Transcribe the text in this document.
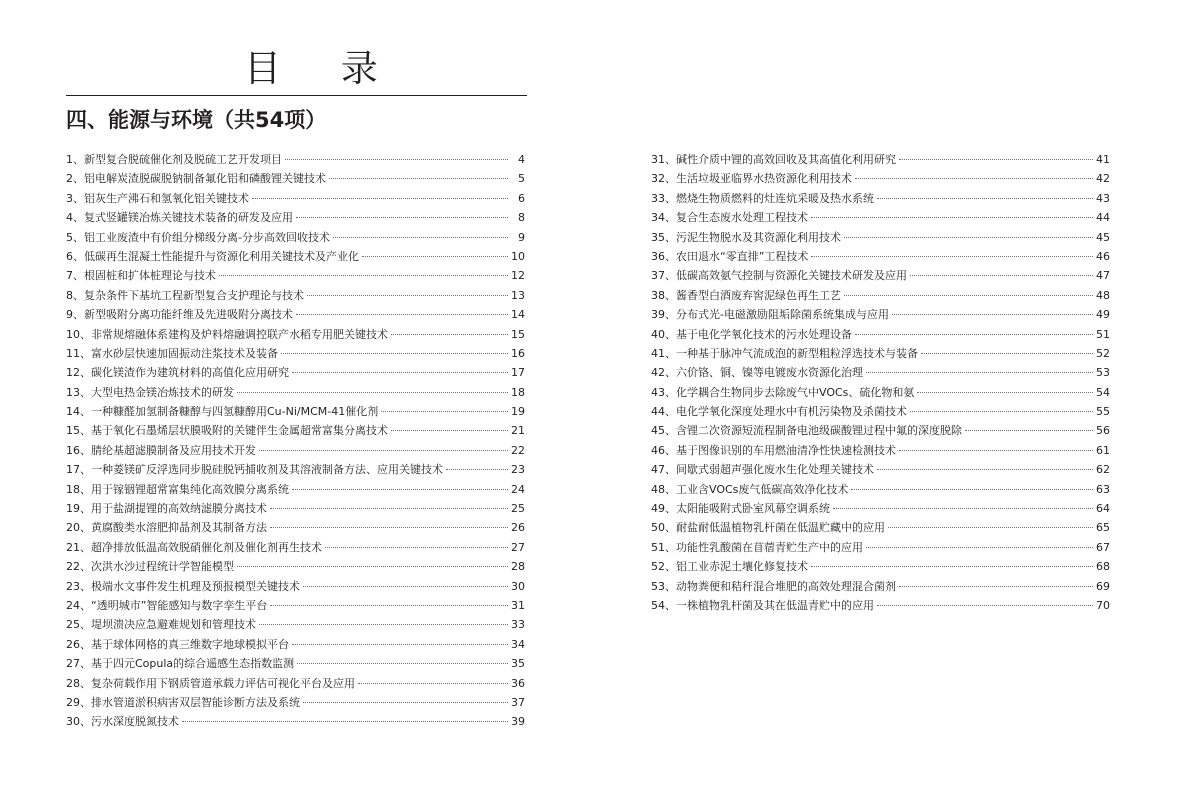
目 录
四、能源与环境（共54项）
1、新型复合脱硫催化剂及脱硫工艺开发项目	4
2、铝电解炭渣脱碳脱钠制备氟化铝和磷酸锂关键技术	5
3、铝灰生产沸石和氢氧化铝关键技术	6
4、复式竖罐镁冶炼关键技术装备的研发及应用	8
5、铝工业废渣中有价组分梯级分离-分步高效回收技术	9
6、低碳再生混凝土性能提升与资源化利用关键技术及产业化	10
7、根固桩和扩体桩理论与技术	12
8、复杂条件下基坑工程新型复合支护理论与技术	13
9、新型吸附分离功能纤维及先进吸附分离技术	14
10、非常规熔融体系建构及炉料熔融调控联产水稻专用肥关键技术	15
11、富水砂层快速加固振动注浆技术及装备	16
12、碳化镁渣作为建筑材料的高值化应用研究	17
13、大型电热金镁冶炼技术的研发	18
14、一种糠醛加氢制备糠醇与四氢糠醇用Cu-Ni/MCM-41催化剂	19
15、基于氧化石墨烯层状膜吸附的关键伴生金属超常富集分离技术	21
16、腈纶基超滤膜制备及应用技术开发	22
17、一种菱镁矿反浮选同步脱硅脱钙捕收剂及其溶液制备方法、应用关键技术	23
18、用于镓铟锂超常富集纯化高效膜分离系统	24
19、用于盐湖提锂的高效纳滤膜分离技术	25
20、黄腐酸类水溶肥抑晶剂及其制备方法	26
21、超净排放低温高效脱硝催化剂及催化剂再生技术	27
22、次洪水沙过程统计学智能模型	28
23、极端水文事件发生机理及预报模型关键技术	30
24、“透明城市”智能感知与数字孪生平台	31
25、堤坝溃决应急避难规划和管理技术	33
26、基于球体网格的真三维数字地球模拟平台	34
27、基于四元Copula的综合遥感生态指数监测	35
28、复杂荷载作用下钢质管道承载力评估可视化平台及应用	36
29、排水管道淤积病害双层智能诊断方法及系统	37
30、污水深度脱氮技术	39
31、碱性介质中锂的高效回收及其高值化利用研究	41
32、生活垃圾亚临界水热资源化利用技术	42
33、燃烧生物质燃料的灶连炕采暖及热水系统	43
34、复合生态废水处理工程技术	44
35、污泥生物脱水及其资源化利用技术	45
36、农田退水“零直排”工程技术	46
37、低碳高效氨气控制与资源化关键技术研发及应用	47
38、酱香型白酒废弃窖泥绿色再生工艺	48
39、分布式光-电磁激励阻垢除菌系统集成与应用	49
40、基于电化学氧化技术的污水处理设备	51
41、一种基于脉冲气流成泡的新型粗粒浮选技术与装备	52
42、六价铬、铜、镍等电镀废水资源化治理	53
43、化学耦合生物同步去除废气中VOCs、硫化物和氨	54
44、电化学氧化深度处理水中有机污染物及杀菌技术	55
45、含锂二次资源短流程制备电池级碳酸锂过程中氟的深度脱除	56
46、基于图像识别的车用燃油清净性快速检测技术	61
47、间歇式弱超声强化废水生化处理关键技术	62
48、工业含VOCs废气低碳高效净化技术	63
49、太阳能吸附式卧室风幕空调系统	64
50、耐盐耐低温植物乳杆菌在低温贮藏中的应用	65
51、功能性乳酸菌在苜蓿青贮生产中的应用	67
52、铝工业赤泥土壤化修复技术	68
53、动物粪便和秸秆混合堆肥的高效处理混合菌剂	69
54、一株植物乳杆菌及其在低温青贮中的应用	70
